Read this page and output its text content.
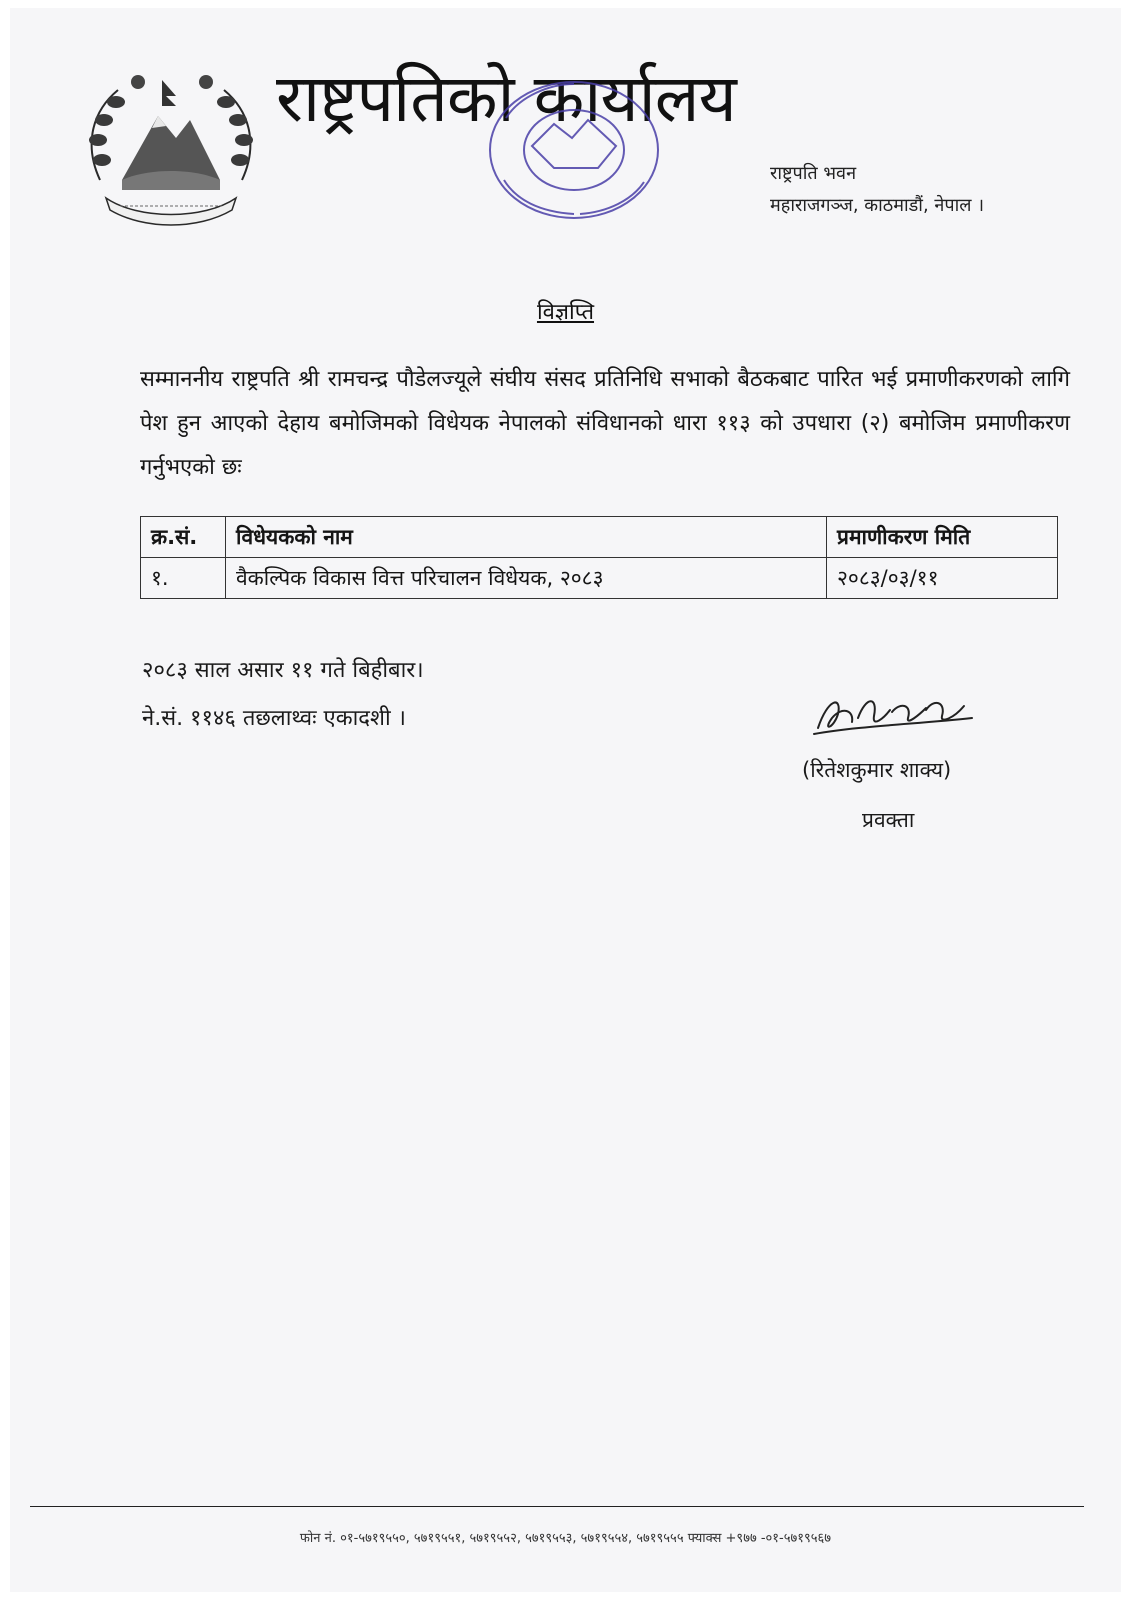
राष्ट्रपतिको कार्यालय
राष्ट्रपति भवन
महाराजगञ्ज, काठमाडौं, नेपाल ।
विज्ञप्ति
सम्माननीय राष्ट्रपति श्री रामचन्द्र पौडेलज्यूले संघीय संसद प्रतिनिधि सभाको बैठकबाट पारित भई प्रमाणीकरणको लागि पेश हुन आएको देहाय बमोजिमको विधेयक नेपालको संविधानको धारा ११३ को उपधारा (२) बमोजिम प्रमाणीकरण गर्नुभएको छः
क्र.सं.	विधेयकको नाम	प्रमाणीकरण मिति
१.	वैकल्पिक विकास वित्त परिचालन विधेयक, २०८३	२०८३/०३/११
२०८३ साल असार ११ गते बिहीबार।
ने.सं. ११४६ तछलाथ्वः एकादशी ।
(रितेशकुमार शाक्य)
प्रवक्ता
फोन नं. ०१-५७१९५५०, ५७१९५५१, ५७१९५५२, ५७१९५५३, ५७१९५५४, ५७१९५५५ फ्याक्स +९७७ -०१-५७१९५६७
